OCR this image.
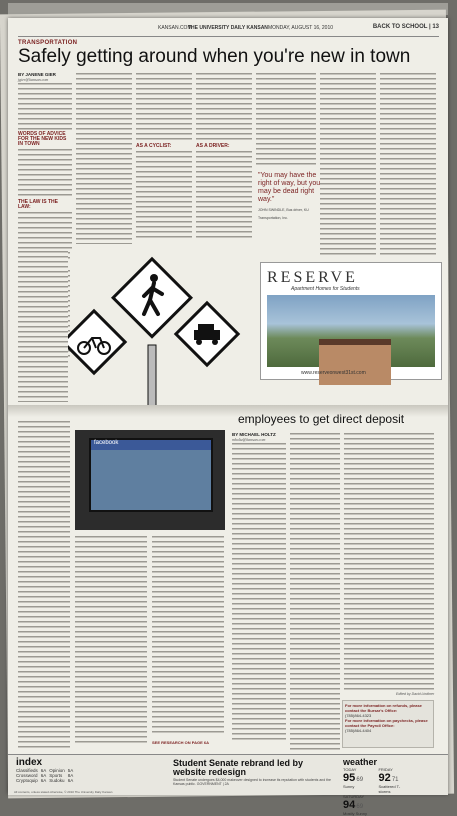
KANSAN.COM
THE UNIVERSITY DAILY KANSAN MONDAY, AUGUST 16, 2010	BACK TO SCHOOL | 13
TRANSPORTATION
Safely getting around when you're new in town
BY JANENE GIER
jgier@kansan.com
WORDS OF ADVICE FOR THE NEW KIDS IN TOWN
THE LAW IS THE LAW:
AS A CYCLIST:	AS A DRIVER:
"You may have the right of way, but you may be dead right way."
JOHN SWINDLE, Bus driver, KU Transportation, Inc.
RESERVE
Apartment Homes for Students
www.reserveonwest31st.com
facebook
SEE RESEARCH ON PAGE 6A
employees to get direct deposit
BY MICHAEL HOLTZ
mholtz@kansan.com
Edited by David Lindtner
For more information on refunds, please contact the Bursar's Office:
(785)864-4323
For more information on paychecks, please contact the Payroll Office:
(785)864-4404
index
Classifieds	6A	Opinion	5A
Crossword	6A	Sports	8A
Cryptoquip	6A	Sudoku	6A
Student Senate rebrand led by website redesign
Student Senate undergoes $4,000 makeover designed to increase its reputation with students and the Kansas public. GOVERNMENT | 2A
weather
TODAY
95 69
Sunny

FRIDAY
92 71
Scattered T-storms

SATURDAY
94 69
Mostly Sunny
All contents, unless stated otherwise, © 2010 The University Daily Kansan
